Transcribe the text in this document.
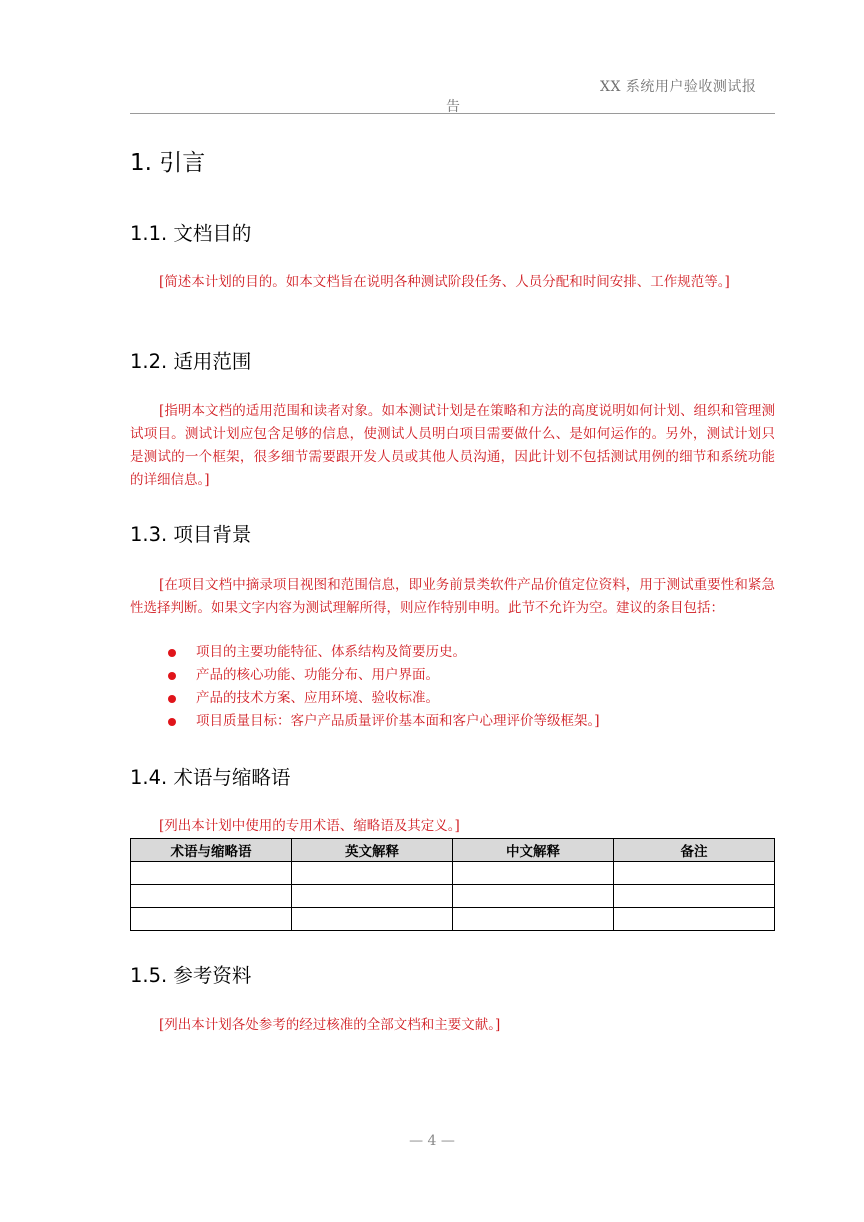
XX 系统用户验收测试报
告
1. 引言
1.1. 文档目的

[简述本计划的目的。如本文档旨在说明各种测试阶段任务、人员分配和时间安排、工作规范等。]

1.2. 适用范围

[指明本文档的适用范围和读者对象。如本测试计划是在策略和方法的高度说明如何计划、组织和管理测试项目。测试计划应包含足够的信息，使测试人员明白项目需要做什么、是如何运作的。另外，测试计划只是测试的一个框架，很多细节需要跟开发人员或其他人员沟通，因此计划不包括测试用例的细节和系统功能的详细信息。]

1.3. 项目背景

[在项目文档中摘录项目视图和范围信息，即业务前景类软件产品价值定位资料，用于测试重要性和紧急性选择判断。如果文字内容为测试理解所得，则应作特别申明。此节不允许为空。建议的条目包括：

项目的主要功能特征、体系结构及简要历史。
产品的核心功能、功能分布、用户界面。
产品的技术方案、应用环境、验收标准。
项目质量目标：客户产品质量评价基本面和客户心理评价等级框架。]
1.4. 术语与缩略语

[列出本计划中使用的专用术语、缩略语及其定义。]

术语与缩略语	英文解释	中文解释	备注

1.5. 参考资料

[列出本计划各处参考的经过核准的全部文档和主要文献。]

— 4 —
